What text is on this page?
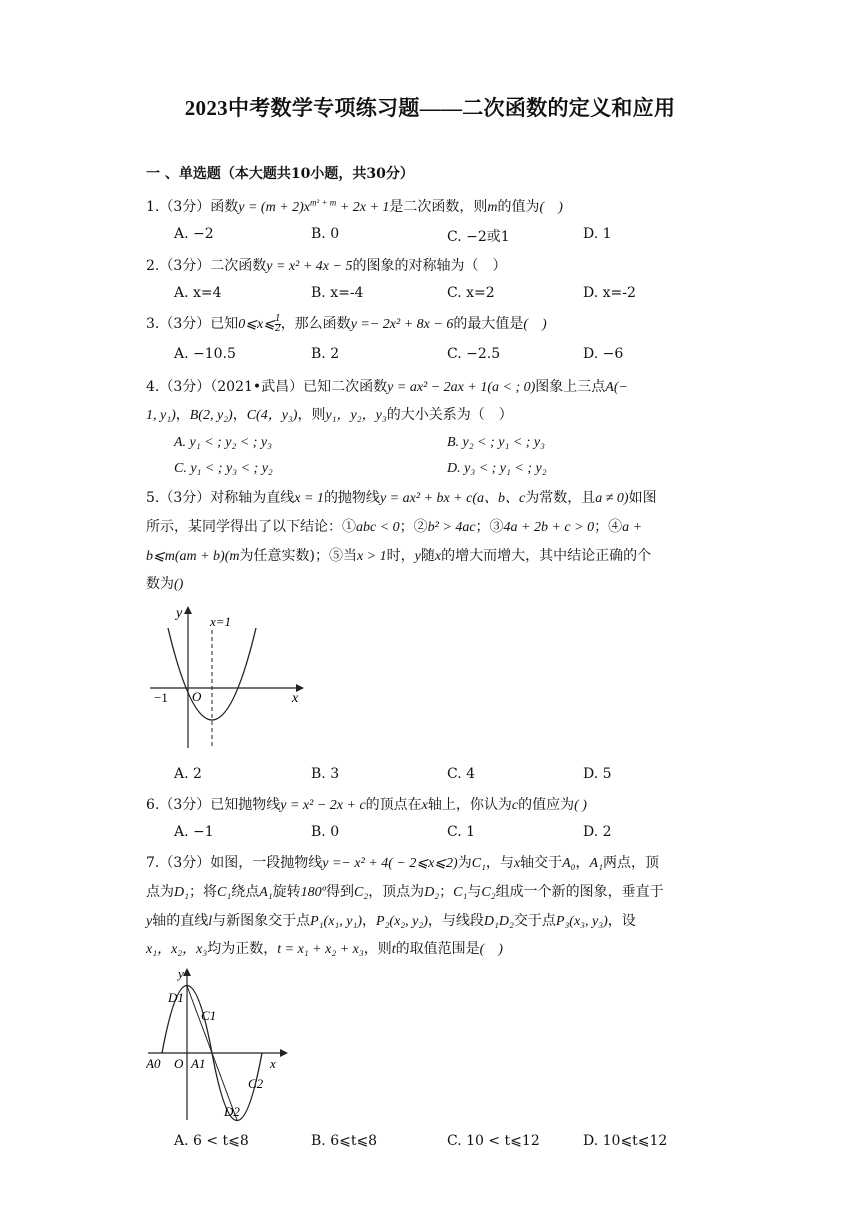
2023中考数学专项练习题——二次函数的定义和应用
一 、单选题（本大题共10小题，共30分）
1.（3分）函数$y = (m + 2)x^{m^2 + m} + 2x + 1$是二次函数，则m的值为(　)
A. −2	B. 0	C. −2或1	D. 1
2.（3分）二次函数y = x² + 4x − 5的图象的对称轴为（　）
A. x=4	B. x=-4	C. x=2	D. x=-2
3.（3分）已知0⩽x⩽ $\frac{1}{2}$ ，那么函数y =− 2x² + 8x − 6的最大值是(　)
A. −10.5	B. 2	C. −2.5	D. −6
4.（3分）（2021•武昌）已知二次函数y = ax² − 2ax + 1(a < ; 0)图象上三点A(−
1, y₁)，B(2, y₂)，C(4，y₃)，则y₁，y₂，y₃的大小关系为（　）
A. y₁ < ; y₂ < ; y₃	B. y₂ < ; y₁ < ; y₃
C. y₁ < ; y₃ < ; y₂	D. y₃ < ; y₁ < ; y₂
5.（3分）对称轴为直线x = 1的抛物线y = ax² + bx + c(a、b、c为常数，且a ≠ 0)如图
所示，某同学得出了以下结论：①abc < 0；②b² > 4ac；③4a + 2b + c > 0；④a +
b⩽m(am + b)(m为任意实数)；⑤当x > 1时，y随x的增大而增大，其中结论正确的个
数为()
y
x
x=1
−1 O
A. 2	B. 3	C. 4	D. 5
6.（3分）已知抛物线y = x² − 2x + c的顶点在x轴上，你认为c的值应为( )
A. −1	B. 0	C. 1	D. 2
7.（3分）如图，一段抛物线y =− x² + 4( − 2⩽x⩽2)为C₁，与x轴交于A₀，A₁两点，顶
点为D₁；将C₁绕点A₁旋转180º得到C₂，顶点为D₂；C₁与C₂组成一个新的图象，垂直于
y轴的直线l与新图象交于点P₁(x₁, y₁)，P₂(x₂, y₂)，与线段D₁D₂交于点P₃(x₃, y₃)，设
x₁，x₂，x₃均为正数，t = x₁ + x₂ + x₃，则t的取值范围是(　)
y
x
D1
C1
A0 O A1
C2
D2
A. 6 < t⩽8	B. 6⩽t⩽8	C. 10 < t⩽12	D. 10⩽t⩽12
